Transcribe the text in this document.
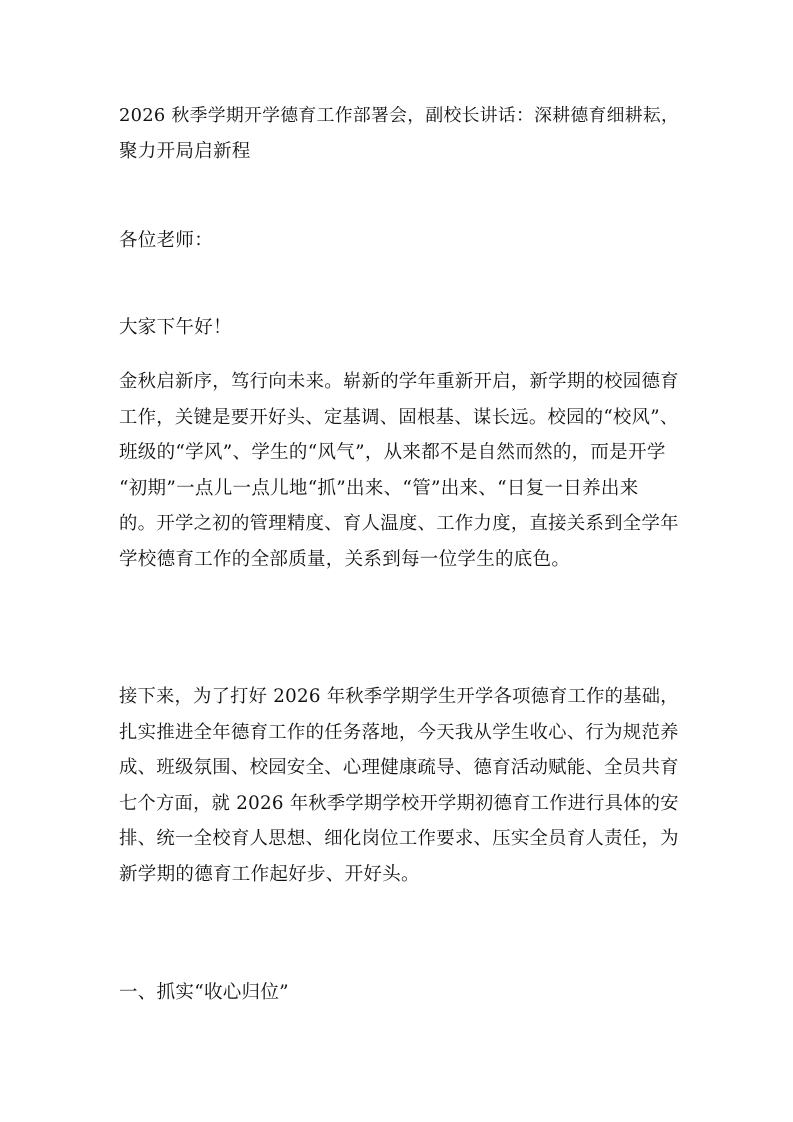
2026 秋季学期开学德育工作部署会，副校长讲话：深耕德育细耕耘，
聚力开局启新程
各位老师：
大家下午好！
金秋启新序，笃行向未来。崭新的学年重新开启，新学期的校园德育
工作，关键是要开好头、定基调、固根基、谋长远。校园的“校风”、
班级的“学风”、学生的“风气”，从来都不是自然而然的，而是开学
“初期”一点儿一点儿地“抓”出来、“管”出来、“日复一日养出来
的。开学之初的管理精度、育人温度、工作力度，直接关系到全学年
学校德育工作的全部质量，关系到每一位学生的底色。
接下来，为了打好 2026 年秋季学期学生开学各项德育工作的基础，
扎实推进全年德育工作的任务落地，今天我从学生收心、行为规范养
成、班级氛围、校园安全、心理健康疏导、德育活动赋能、全员共育
七个方面，就 2026 年秋季学期学校开学期初德育工作进行具体的安
排、统一全校育人思想、细化岗位工作要求、压实全员育人责任，为
新学期的德育工作起好步、开好头。
一、抓实“收心归位”
